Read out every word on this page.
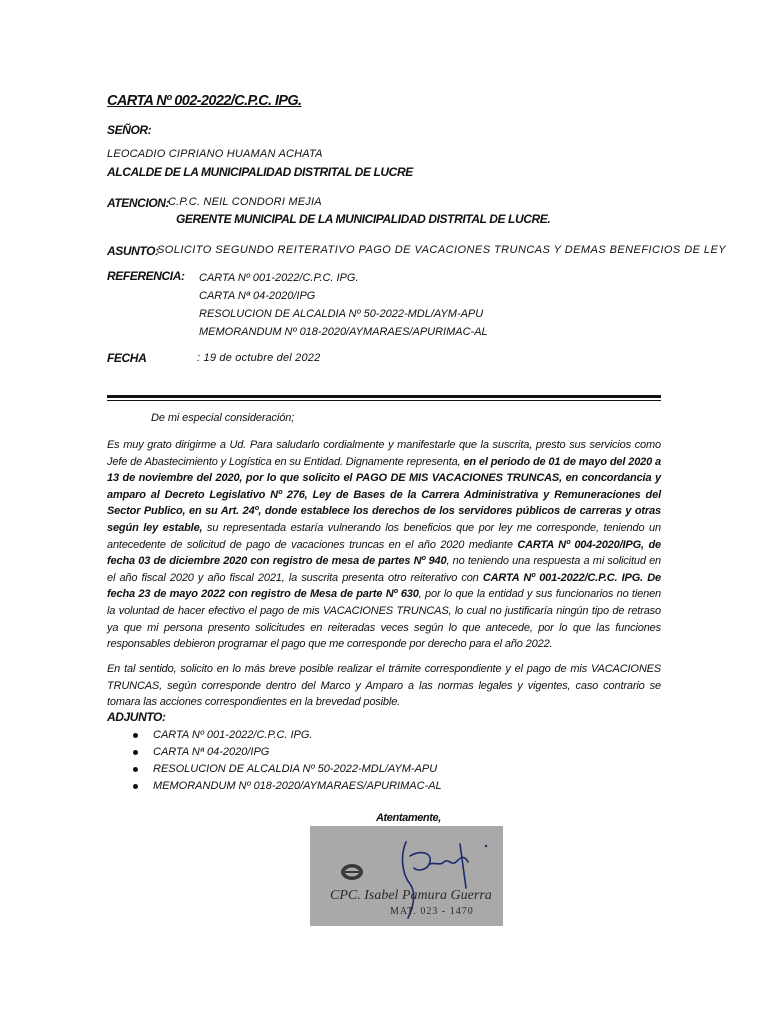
CARTA Nº 002-2022/C.P.C. IPG.
SEÑOR:
LEOCADIO CIPRIANO HUAMAN ACHATA
ALCALDE DE LA MUNICIPALIDAD DISTRITAL DE LUCRE
ATENCION:
C.P.C. NEIL CONDORI MEJIA
GERENTE MUNICIPAL DE LA MUNICIPALIDAD DISTRITAL DE LUCRE.
ASUNTO:
SOLICITO SEGUNDO REITERATIVO PAGO DE VACACIONES TRUNCAS Y DEMAS BENEFICIOS DE LEY
REFERENCIA: CARTA Nº 001-2022/C.P.C. IPG.
CARTA Nª 04-2020/IPG
RESOLUCION DE ALCALDIA Nº 50-2022-MDL/AYM-APU
MEMORANDUM Nº 018-2020/AYMARAES/APURIMAC-AL
FECHA	: 19 de octubre del 2022
De mi especial consideración;
Es muy grato dirigirme a Ud. Para saludarlo cordialmente y manifestarle que la suscrita, presto sus servicios como Jefe de Abastecimiento y Logística en su Entidad. Dignamente representa, en el periodo de 01 de mayo del 2020 a 13 de noviembre del 2020, por lo que solicito el PAGO DE MIS VACACIONES TRUNCAS, en concordancia y amparo al Decreto Legislativo Nº 276, Ley de Bases de la Carrera Administrativa y Remuneraciones del Sector Publico, en su Art. 24º, donde establece los derechos de los servidores públicos de carreras y otras según ley estable, su representada estaría vulnerando los beneficios que por ley me corresponde, teniendo un antecedente de solicitud de pago de vacaciones truncas en el año 2020 mediante CARTA Nº 004-2020/IPG, de fecha 03 de diciembre 2020 con registro de mesa de partes Nº 940, no teniendo una respuesta a mi solicitud en el año fiscal 2020 y año fiscal 2021, la suscrita presenta otro reiterativo con CARTA Nº 001-2022/C.P.C. IPG. De fecha 23 de mayo 2022 con registro de Mesa de parte Nº 630, por lo que la entidad y sus funcionarios no tienen la voluntad de hacer efectivo el pago de mis VACACIONES TRUNCAS, lo cual no justificaría ningún tipo de retraso ya que mi persona presento solicitudes en reiteradas veces según lo que antecede, por lo que las funciones responsables debieron programar el pago que me corresponde por derecho para el año 2022.
En tal sentido, solicito en lo más breve posible realizar el trámite correspondiente y el pago de mis VACACIONES TRUNCAS, según corresponde dentro del Marco y Amparo a las normas legales y vigentes, caso contrario se tomara las acciones correspondientes en la brevedad posible.
ADJUNTO:
CARTA Nº 001-2022/C.P.C. IPG.
CARTA Nª 04-2020/IPG
RESOLUCION DE ALCALDIA Nº 50-2022-MDL/AYM-APU
MEMORANDUM Nº 018-2020/AYMARAES/APURIMAC-AL
Atentamente,
CPC. Isabel Pamura Guerra
MAT. 023 - 1470
